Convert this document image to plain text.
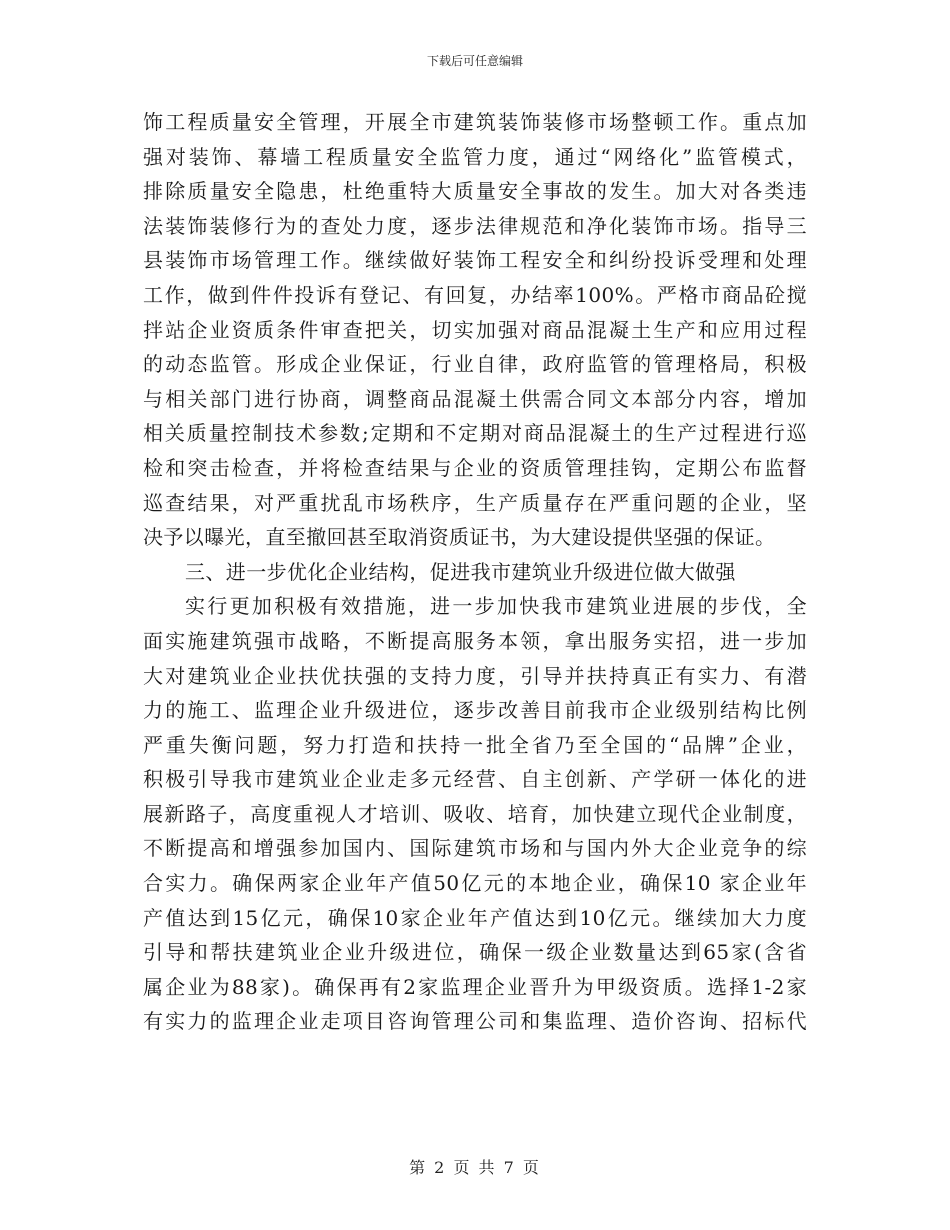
下载后可任意编辑
饰工程质量安全管理，开展全市建筑装饰装修市场整顿工作。重点加
强对装饰、幕墙工程质量安全监管力度，通过“网络化”监管模式，
排除质量安全隐患，杜绝重特大质量安全事故的发生。加大对各类违
法装饰装修行为的查处力度，逐步法律规范和净化装饰市场。指导三
县装饰市场管理工作。继续做好装饰工程安全和纠纷投诉受理和处理
工作，做到件件投诉有登记、有回复，办结率100%。严格市商品砼搅
拌站企业资质条件审查把关，切实加强对商品混凝土生产和应用过程
的动态监管。形成企业保证，行业自律，政府监管的管理格局，积极
与相关部门进行协商，调整商品混凝土供需合同文本部分内容，增加
相关质量控制技术参数;定期和不定期对商品混凝土的生产过程进行巡
检和突击检查，并将检查结果与企业的资质管理挂钩，定期公布监督
巡查结果，对严重扰乱市场秩序，生产质量存在严重问题的企业，坚
决予以曝光，直至撤回甚至取消资质证书，为大建设提供坚强的保证。
三、进一步优化企业结构，促进我市建筑业升级进位做大做强
实行更加积极有效措施，进一步加快我市建筑业进展的步伐，全
面实施建筑强市战略，不断提高服务本领，拿出服务实招，进一步加
大对建筑业企业扶优扶强的支持力度，引导并扶持真正有实力、有潜
力的施工、监理企业升级进位，逐步改善目前我市企业级别结构比例
严重失衡问题，努力打造和扶持一批全省乃至全国的“品牌”企业，
积极引导我市建筑业企业走多元经营、自主创新、产学研一体化的进
展新路子，高度重视人才培训、吸收、培育，加快建立现代企业制度，
不断提高和增强参加国内、国际建筑市场和与国内外大企业竞争的综
合实力。确保两家企业年产值50亿元的本地企业，确保10 家企业年
产值达到15亿元，确保10家企业年产值达到10亿元。继续加大力度
引导和帮扶建筑业企业升级进位，确保一级企业数量达到65家(含省
属企业为88家)。确保再有2家监理企业晋升为甲级资质。选择1-2家
有实力的监理企业走项目咨询管理公司和集监理、造价咨询、招标代
第 2 页 共 7 页
